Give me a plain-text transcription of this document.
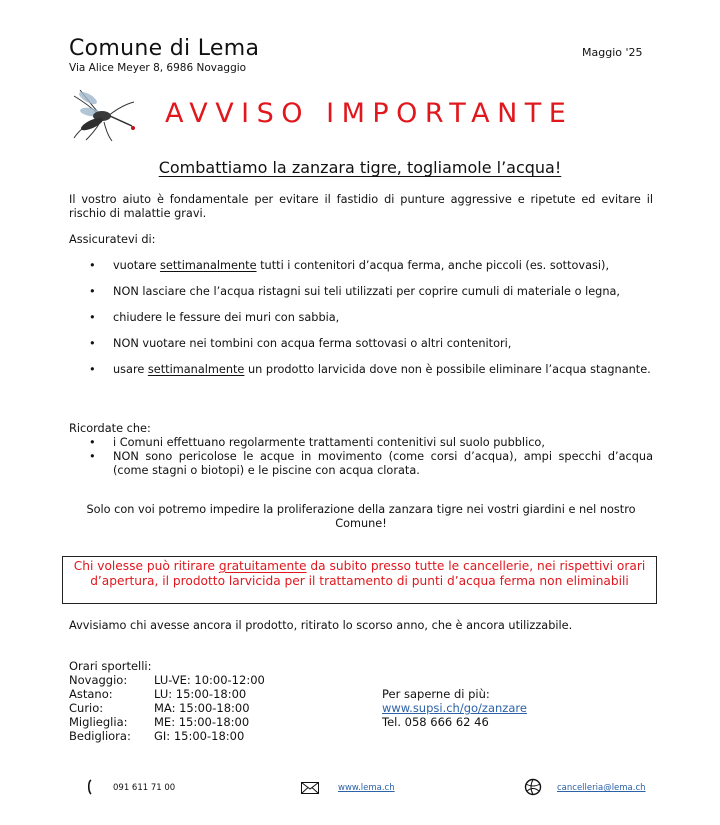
Comune di Lema
Via Alice Meyer 8, 6986 Novaggio
Maggio '25
AVVISO IMPORTANTE
Combattiamo la zanzara tigre, togliamole l’acqua!
Il vostro aiuto è fondamentale per evitare il fastidio di punture aggressive e ripetute ed evitare il rischio di malattie gravi.
Assicuratevi di:
• vuotare settimanalmente tutti i contenitori d’acqua ferma, anche piccoli (es. sottovasi),
• NON lasciare che l’acqua ristagni sui teli utilizzati per coprire cumuli di materiale o legna,
• chiudere le fessure dei muri con sabbia,
• NON vuotare nei tombini con acqua ferma sottovasi o altri contenitori,
• usare settimanalmente un prodotto larvicida dove non è possibile eliminare l’acqua stagnante.
Ricordate che:
• i Comuni effettuano regolarmente trattamenti contenitivi sul suolo pubblico,
• NON sono pericolose le acque in movimento (come corsi d’acqua), ampi specchi d’acqua (come stagni o biotopi) e le piscine con acqua clorata.
Solo con voi potremo impedire la proliferazione della zanzara tigre nei vostri giardini e nel nostro Comune!
Chi volesse può ritirare gratuitamente da subito presso tutte le cancellerie, nei rispettivi orari d’apertura, il prodotto larvicida per il trattamento di punti d’acqua ferma non eliminabili
Avvisiamo chi avesse ancora il prodotto, ritirato lo scorso anno, che è ancora utilizzabile.
Orari sportelli:
Novaggio:	LU-VE: 10:00-12:00
Astano:	LU: 15:00-18:00
Curio:	MA: 15:00-18:00
Miglieglia:	ME: 15:00-18:00
Bedigliora:	GI: 15:00-18:00
Per saperne di più:
www.supsi.ch/go/zanzare
Tel. 058 666 62 46
091 611 71 00	www.lema.ch	cancelleria@lema.ch
